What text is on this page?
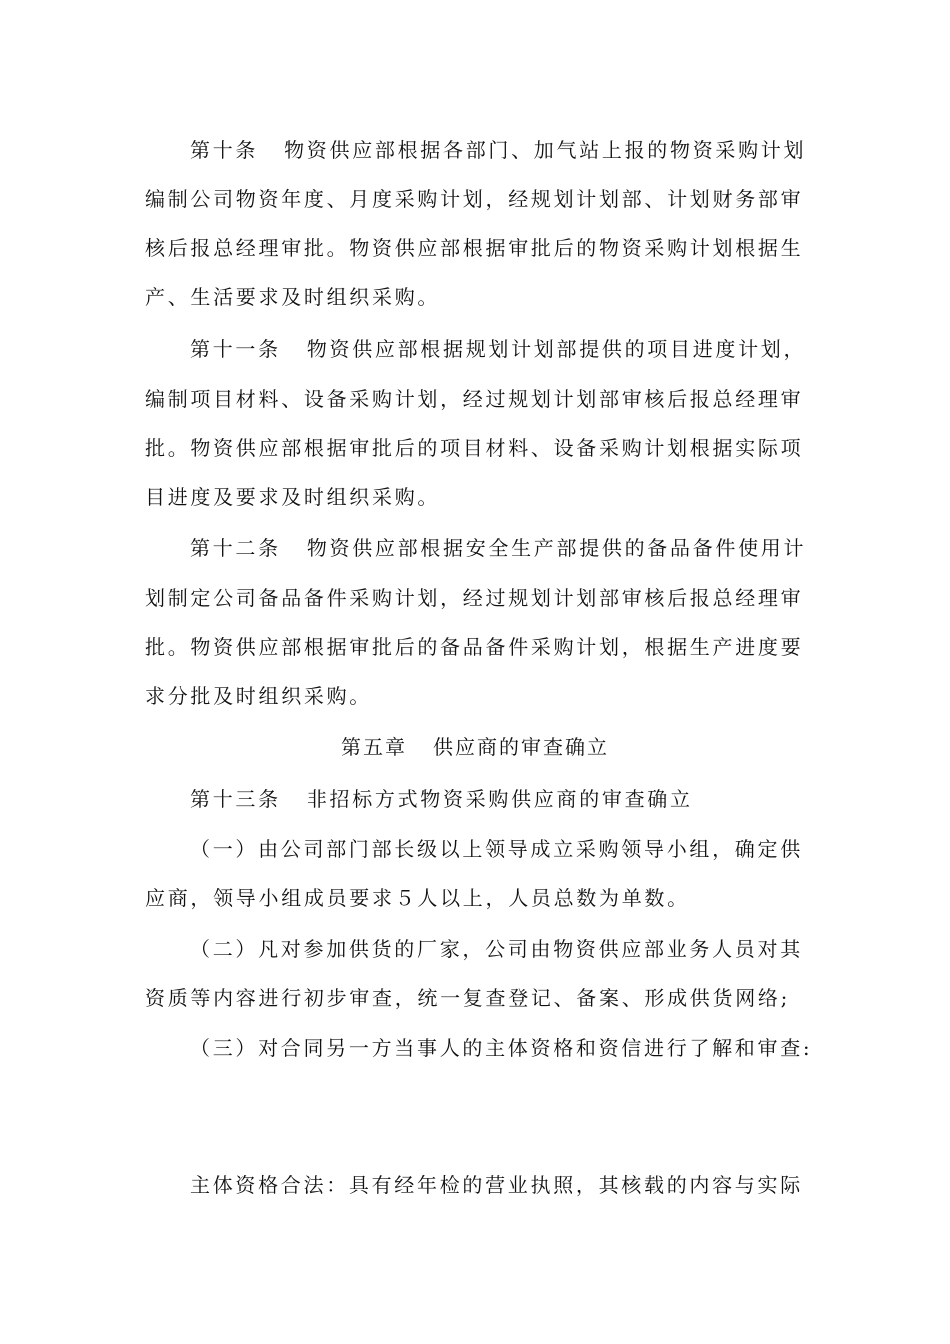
第十条 物资供应部根据各部门、加气站上报的物资采购计划
编制公司物资年度、月度采购计划，经规划计划部、计划财务部审
核后报总经理审批。物资供应部根据审批后的物资采购计划根据生
产、生活要求及时组织采购。
第十一条 物资供应部根据规划计划部提供的项目进度计划，
编制项目材料、设备采购计划，经过规划计划部审核后报总经理审
批。物资供应部根据审批后的项目材料、设备采购计划根据实际项
目进度及要求及时组织采购。
第十二条 物资供应部根据安全生产部提供的备品备件使用计
划制定公司备品备件采购计划，经过规划计划部审核后报总经理审
批。物资供应部根据审批后的备品备件采购计划，根据生产进度要
求分批及时组织采购。
第五章 供应商的审查确立
第十三条 非招标方式物资采购供应商的审查确立
（一）由公司部门部长级以上领导成立采购领导小组，确定供
应商，领导小组成员要求５人以上，人员总数为单数。
（二）凡对参加供货的厂家，公司由物资供应部业务人员对其
资质等内容进行初步审查，统一复查登记、备案、形成供货网络;
（三）对合同另一方当事人的主体资格和资信进行了解和审查:
主体资格合法：具有经年检的营业执照，其核载的内容与实际
